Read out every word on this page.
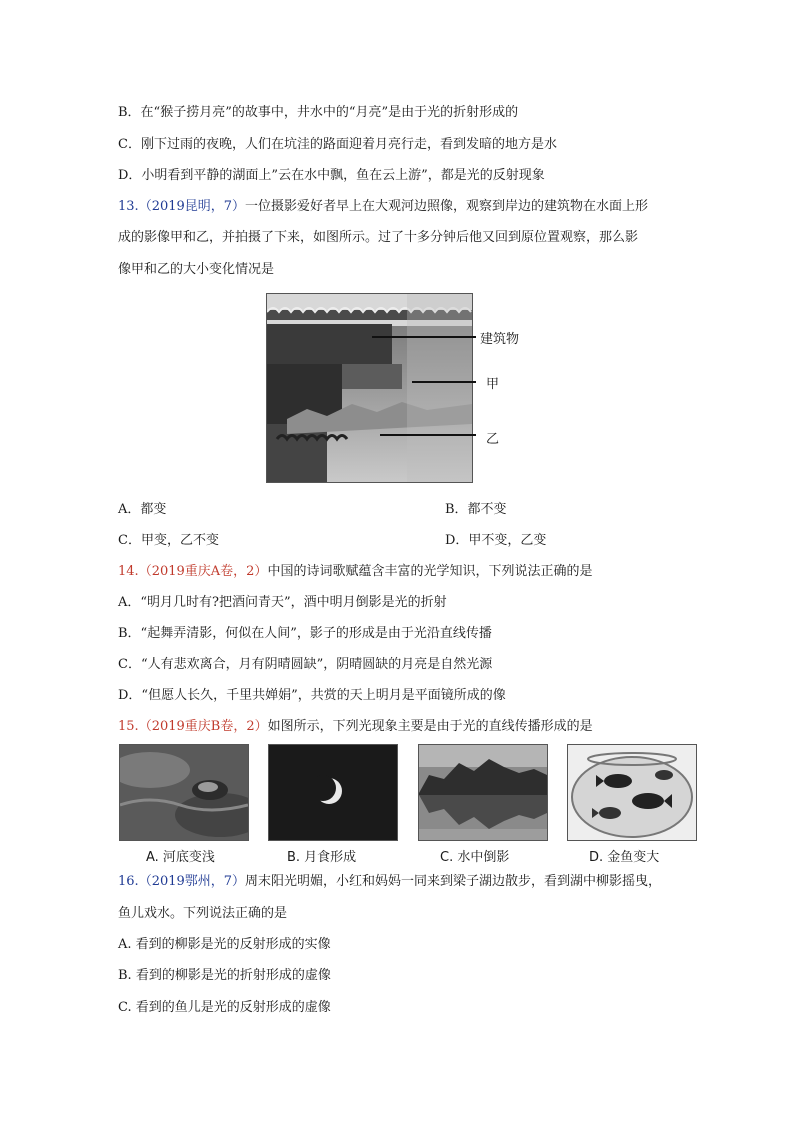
B．在“猴子捞月亮”的故事中，井水中的“月亮”是由于光的折射形成的
C．刚下过雨的夜晚，人们在坑洼的路面迎着月亮行走，看到发暗的地方是水
D．小明看到平静的湖面上”云在水中飘，鱼在云上游”，都是光的反射现象
13.（2019昆明，7）一位摄影爱好者早上在大观河边照像，观察到岸边的建筑物在水面上形
成的影像甲和乙，并拍摄了下来，如图所示。过了十多分钟后他又回到原位置观察，那么影
像甲和乙的大小变化情况是
建筑物
甲
乙
A．都变	B．都不变
C．甲变，乙不变	D．甲不变，乙变
14.（2019重庆A卷，2）中国的诗词歌赋蕴含丰富的光学知识，下列说法正确的是
A．“明月几时有?把酒问青天”，酒中明月倒影是光的折射
B．“起舞弄清影，何似在人间”，影子的形成是由于光沿直线传播
C．“人有悲欢离合，月有阴晴圆缺”，阴晴圆缺的月亮是自然光源
D．“但愿人长久，千里共婵娟”，共赏的天上明月是平面镜所成的像
15.（2019重庆B卷，2）如图所示，下列光现象主要是由于光的直线传播形成的是
A. 河底变浅	B. 月食形成	C. 水中倒影	D. 金鱼变大
16.（2019鄂州，7）周末阳光明媚，小红和妈妈一同来到梁子湖边散步，看到湖中柳影摇曳，
鱼儿戏水。下列说法正确的是
A. 看到的柳影是光的反射形成的实像
B. 看到的柳影是光的折射形成的虚像
C. 看到的鱼儿是光的反射形成的虚像
